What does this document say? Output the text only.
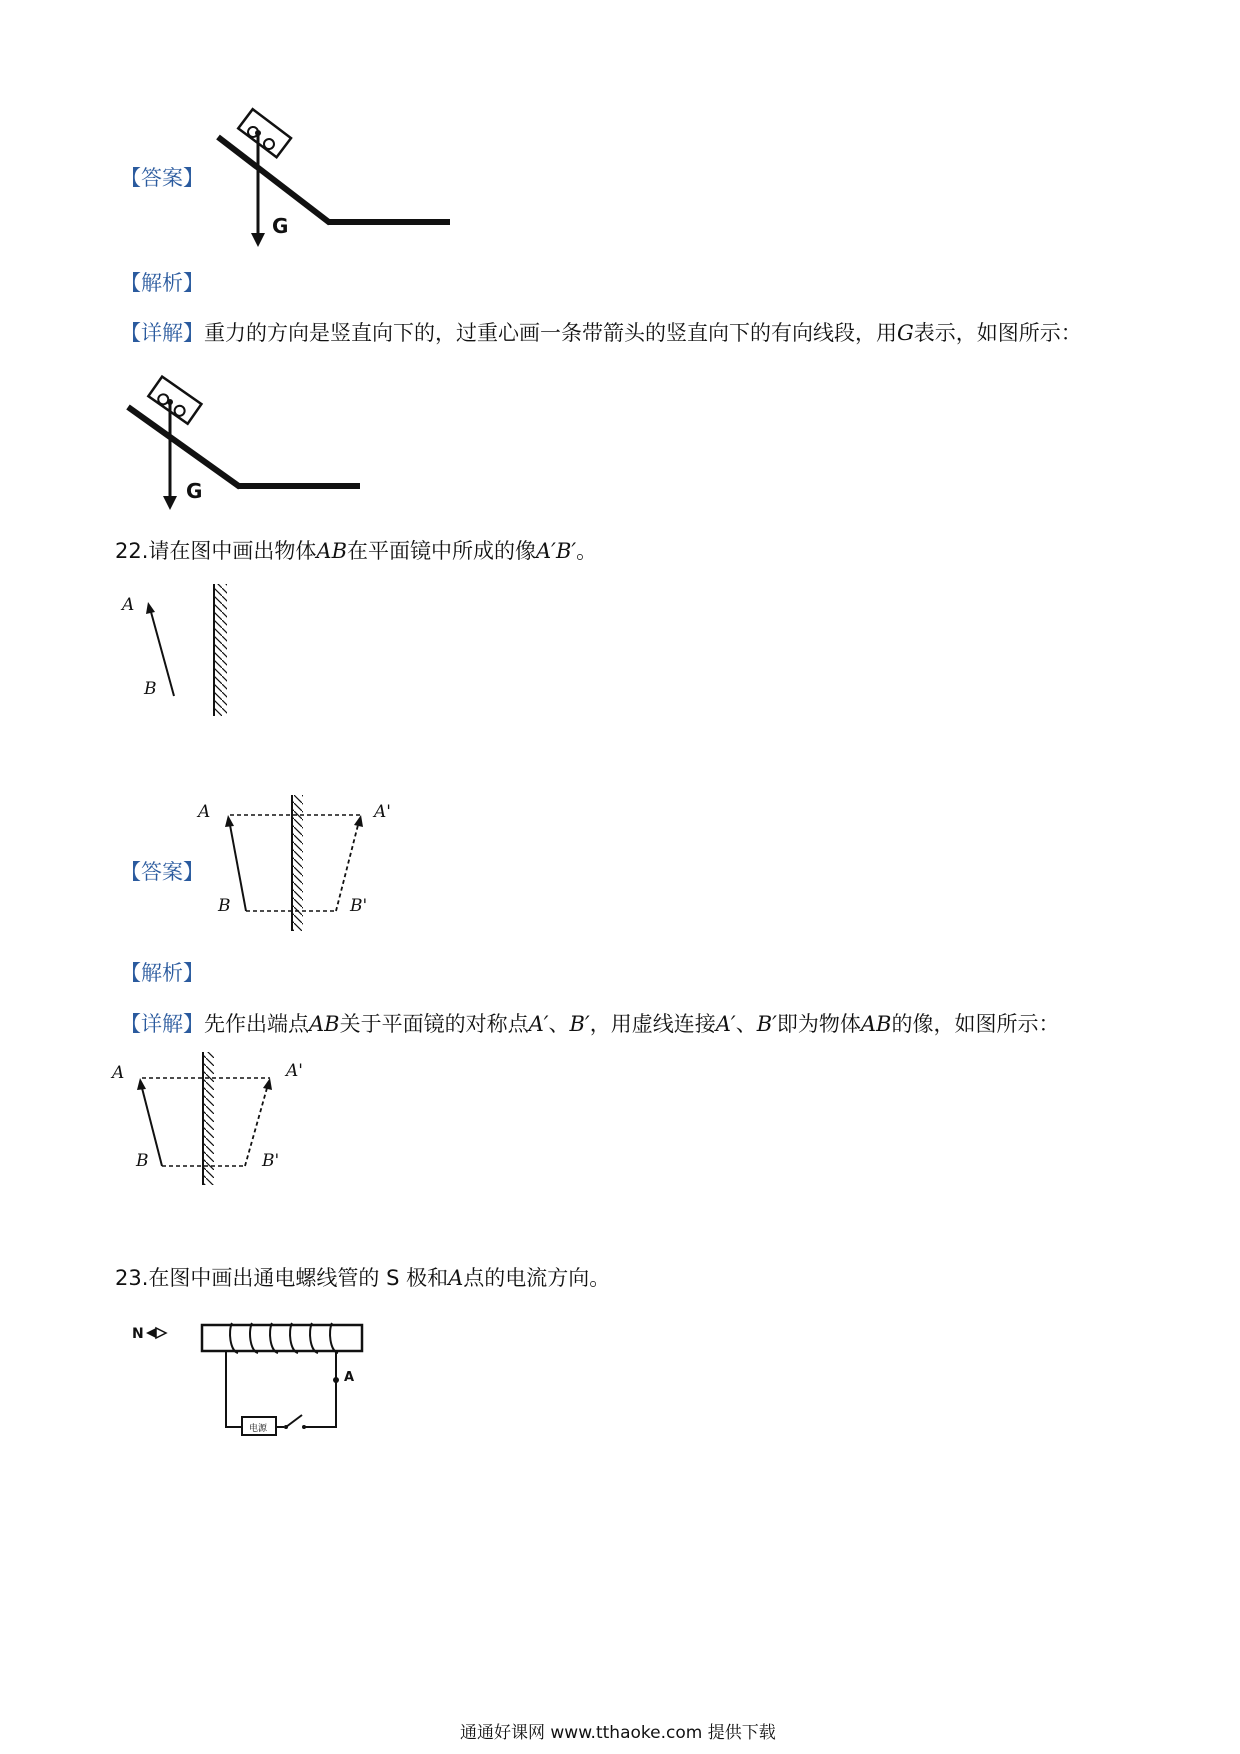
【答案】
G
【解析】
【详解】重力的方向是竖直向下的，过重心画一条带箭头的竖直向下的有向线段，用G表示，如图所示：
G
22.请在图中画出物体AB在平面镜中所成的像A′B′。
A
B
【答案】
A
B
A'
B'
【解析】
【详解】先作出端点AB关于平面镜的对称点A′、B′，用虚线连接A′、B′即为物体AB的像，如图所示：
A
B
A'
B'
23.在图中画出通电螺线管的 S 极和A点的电流方向。
N
电源
A
通通好课网 www.tthaoke.com 提供下载
